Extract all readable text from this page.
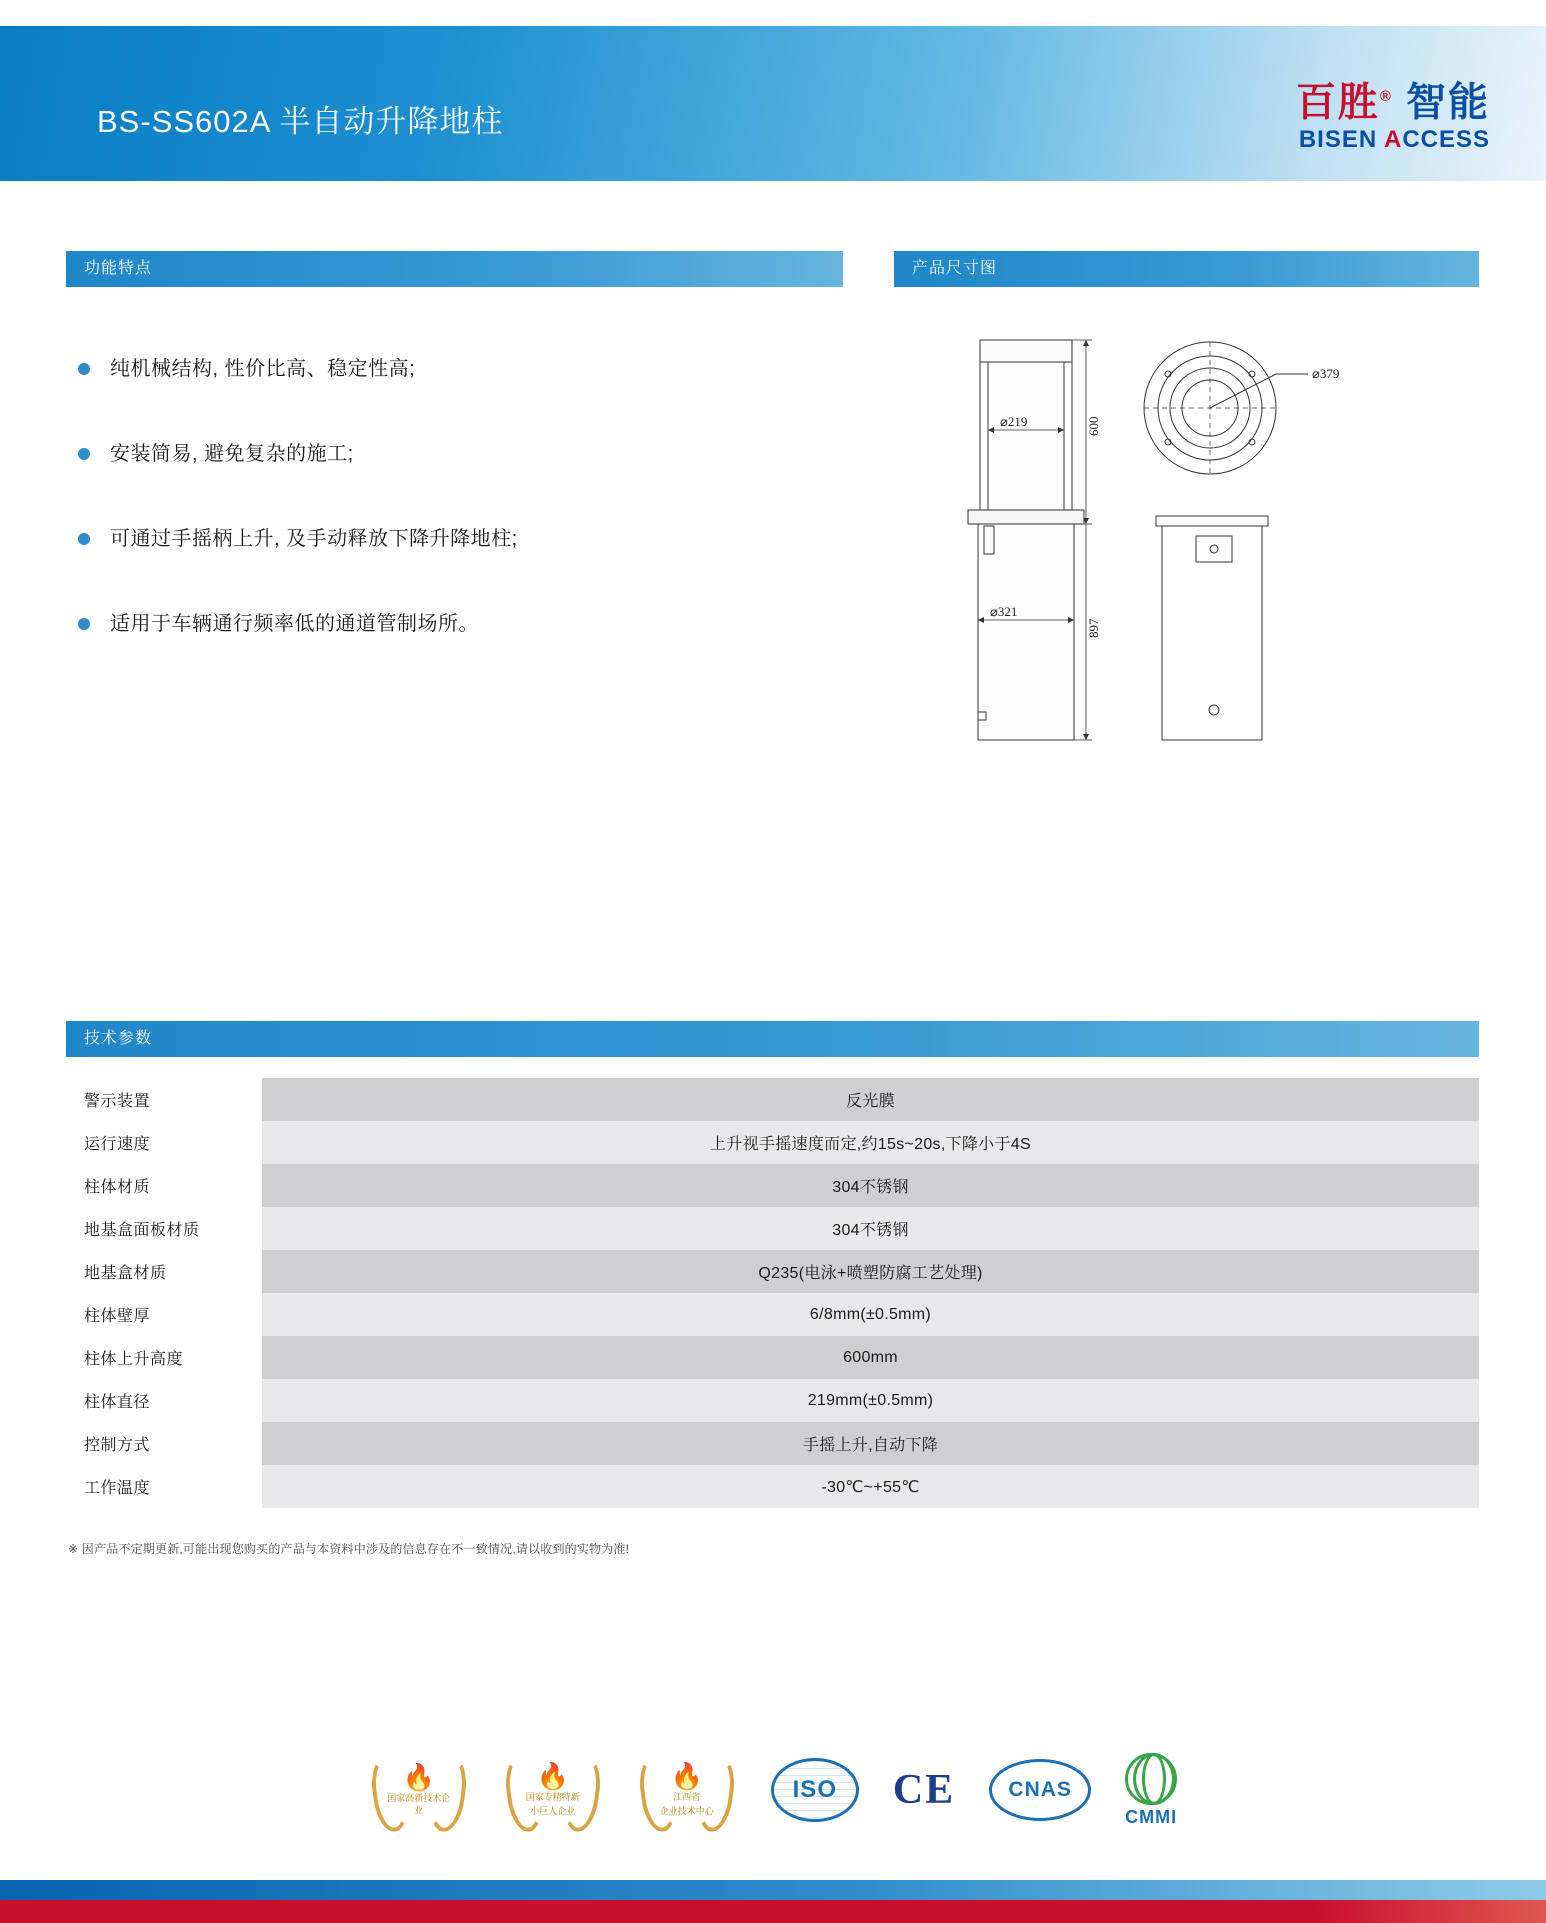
BS-SS602A 半自动升降地柱	百胜® 智能
BISEN ACCESS
功能特点	产品尺寸图
技术参数
纯机械结构, 性价比高、稳定性高;
安装简易, 避免复杂的施工;
可通过手摇柄上升, 及手动释放下降升降地柱;
适用于车辆通行频率低的通道管制场所。
⌀219	600
⌀321
897
⌀379
警示装置	反光膜
运行速度	上升视手摇速度而定,约15s~20s,下降小于4S
柱体材质	304不锈钢
地基盒面板材质	304不锈钢
地基盒材质	Q235(电泳+喷塑防腐工艺处理)
柱体壁厚	6/8mm(±0.5mm)
柱体上升高度	600mm
柱体直径	219mm(±0.5mm)
控制方式	手摇上升,自动下降
工作温度	-30℃~+55℃
※ 因产品不定期更新,可能出现您购买的产品与本资料中涉及的信息存在不一致情况,请以收到的实物为准!
🔥
国家高新技术企业
🔥
国家专精特新
小巨人企业
🔥
江西省
企业技术中心
ISO	CE	CNAS
CMMI
